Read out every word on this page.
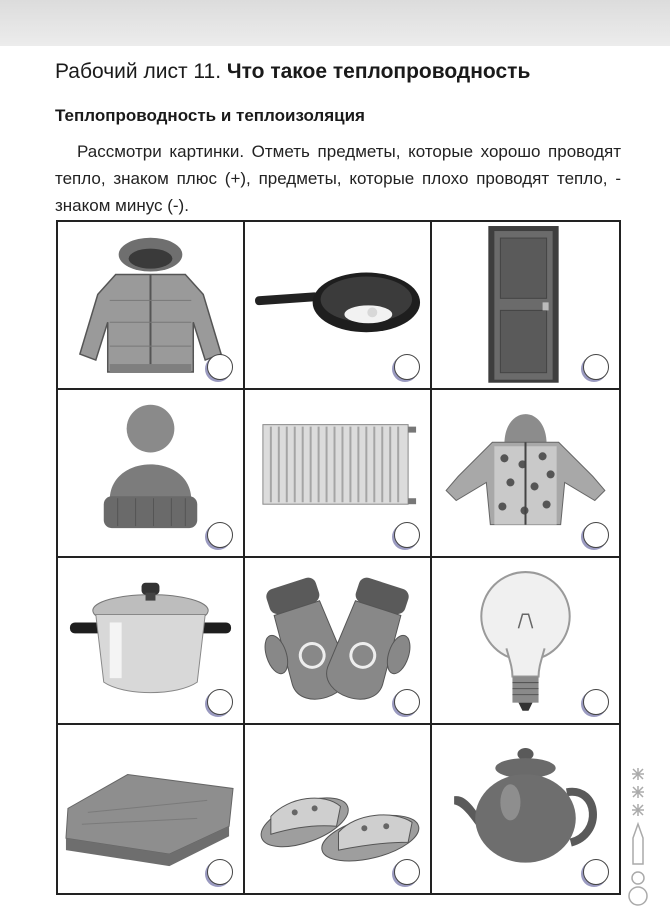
Рабочий лист 11. Что такое теплопроводность
Теплопроводность и теплоизоляция
Рассмотри картинки. Отметь предметы, которые хорошо проводят тепло, знаком плюс (+), предметы, которые плохо проводят тепло, - знаком минус (-).
